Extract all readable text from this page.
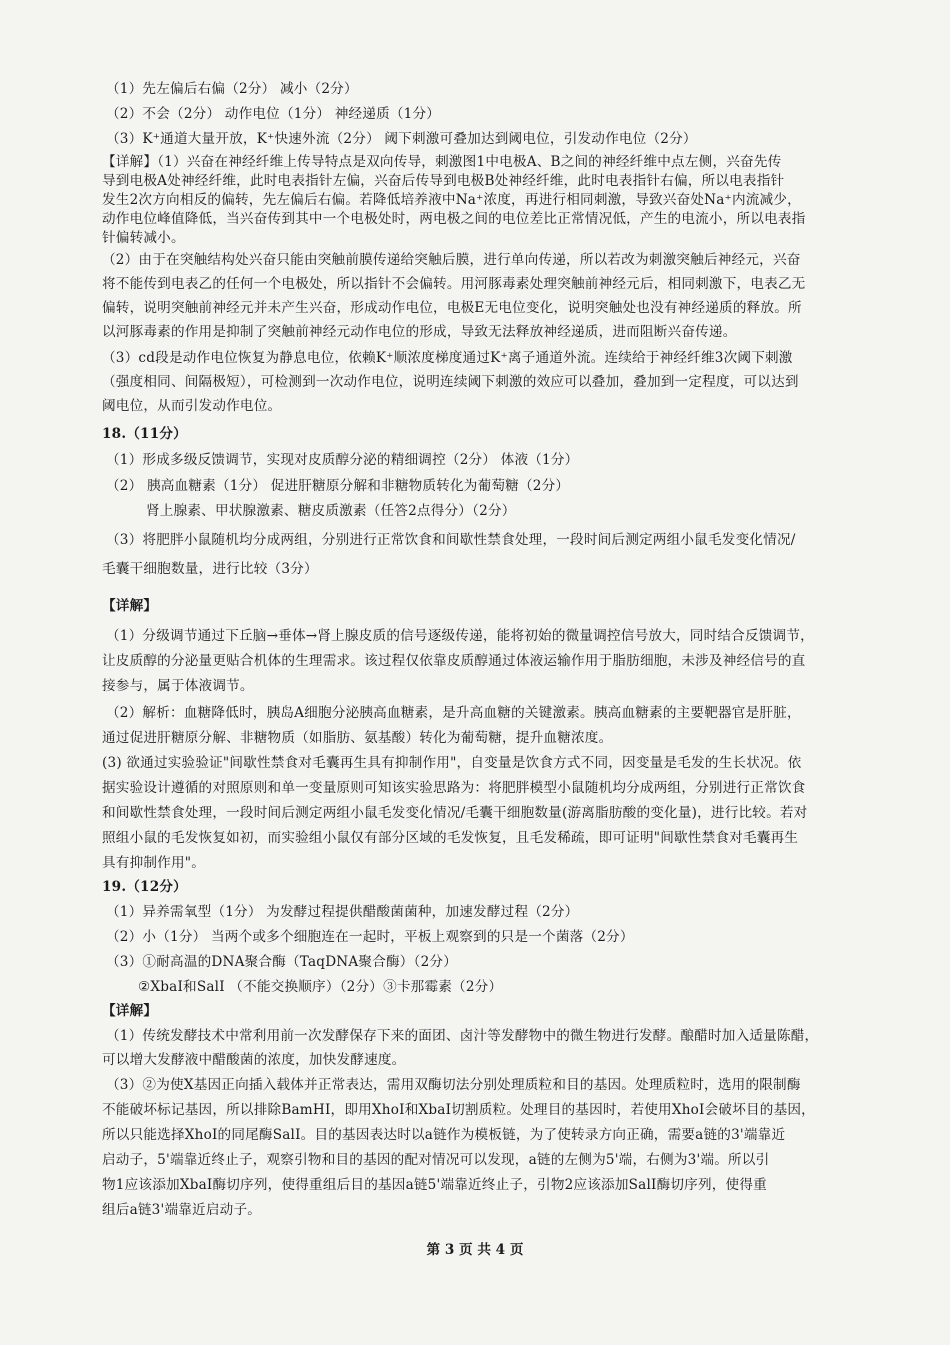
（1）先左偏后右偏（2分） 减小（2分）
（2）不会（2分） 动作电位（1分） 神经递质（1分）
（3）K⁺通道大量开放，K⁺快速外流（2分） 阈下刺激可叠加达到阈电位，引发动作电位（2分）
【详解】（1）兴奋在神经纤维上传导特点是双向传导，刺激图1中电极A、B之间的神经纤维中点左侧，兴奋先传
导到电极A处神经纤维，此时电表指针左偏，兴奋后传导到电极B处神经纤维，此时电表指针右偏，所以电表指针
发生2次方向相反的偏转，先左偏后右偏。若降低培养液中Na⁺浓度，再进行相同刺激，导致兴奋处Na⁺内流减少，
动作电位峰值降低，当兴奋传到其中一个电极处时，两电极之间的电位差比正常情况低，产生的电流小，所以电表指
针偏转减小。
（2）由于在突触结构处兴奋只能由突触前膜传递给突触后膜，进行单向传递，所以若改为刺激突触后神经元，兴奋
将不能传到电表乙的任何一个电极处，所以指针不会偏转。用河豚毒素处理突触前神经元后，相同刺激下，电表乙无
偏转，说明突触前神经元并未产生兴奋，形成动作电位，电极E无电位变化，说明突触处也没有神经递质的释放。所
以河豚毒素的作用是抑制了突触前神经元动作电位的形成，导致无法释放神经递质，进而阻断兴奋传递。
（3）cd段是动作电位恢复为静息电位，依赖K⁺顺浓度梯度通过K⁺离子通道外流。连续给于神经纤维3次阈下刺激
（强度相同、间隔极短），可检测到一次动作电位，说明连续阈下刺激的效应可以叠加，叠加到一定程度，可以达到
阈电位，从而引发动作电位。
18.（11分）
（1）形成多级反馈调节，实现对皮质醇分泌的精细调控（2分） 体液（1分）
（2） 胰高血糖素（1分） 促进肝糖原分解和非糖物质转化为葡萄糖（2分）
肾上腺素、甲状腺激素、糖皮质激素（任答2点得分）（2分）
（3）将肥胖小鼠随机均分成两组，分别进行正常饮食和间歇性禁食处理，一段时间后测定两组小鼠毛发变化情况/
毛囊干细胞数量，进行比较（3分）
【详解】
（1）分级调节通过下丘脑→垂体→肾上腺皮质的信号逐级传递，能将初始的微量调控信号放大，同时结合反馈调节，
让皮质醇的分泌量更贴合机体的生理需求。该过程仅依靠皮质醇通过体液运输作用于脂肪细胞，未涉及神经信号的直
接参与，属于体液调节。
（2）解析：血糖降低时，胰岛A细胞分泌胰高血糖素，是升高血糖的关键激素。胰高血糖素的主要靶器官是肝脏，
通过促进肝糖原分解、非糖物质（如脂肪、氨基酸）转化为葡萄糖，提升血糖浓度。
(3) 欲通过实验验证"间歇性禁食对毛囊再生具有抑制作用"，自变量是饮食方式不同，因变量是毛发的生长状况。依
据实验设计遵循的对照原则和单一变量原则可知该实验思路为：将肥胖模型小鼠随机均分成两组，分别进行正常饮食
和间歇性禁食处理，一段时间后测定两组小鼠毛发变化情况/毛囊干细胞数量(游离脂肪酸的变化量)，进行比较。若对
照组小鼠的毛发恢复如初，而实验组小鼠仅有部分区域的毛发恢复，且毛发稀疏，即可证明"间歇性禁食对毛囊再生
具有抑制作用"。
19.（12分）
（1）异养需氧型（1分） 为发酵过程提供醋酸菌菌种，加速发酵过程（2分）
（2）小（1分） 当两个或多个细胞连在一起时，平板上观察到的只是一个菌落（2分）
（3）①耐高温的DNA聚合酶（TaqDNA聚合酶）（2分）
②XbaⅠ和SalⅠ （不能交换顺序）（2分）③卡那霉素（2分）
【详解】
（1）传统发酵技术中常利用前一次发酵保存下来的面团、卤汁等发酵物中的微生物进行发酵。酿醋时加入适量陈醋，
可以增大发酵液中醋酸菌的浓度，加快发酵速度。
（3）②为使X基因正向插入载体并正常表达，需用双酶切法分别处理质粒和目的基因。处理质粒时，选用的限制酶
不能破坏标记基因，所以排除BamHI，即用XhoI和XbaI切割质粒。处理目的基因时，若使用XhoI会破坏目的基因，
所以只能选择XhoI的同尾酶SalI。目的基因表达时以a链作为模板链，为了使转录方向正确，需要a链的3'端靠近
启动子，5'端靠近终止子，观察引物和目的基因的配对情况可以发现，a链的左侧为5'端，右侧为3'端。所以引
物1应该添加XbaI酶切序列，使得重组后目的基因a链5'端靠近终止子，引物2应该添加SalⅠ酶切序列，使得重
组后a链3'端靠近启动子。
第 3 页 共 4 页
